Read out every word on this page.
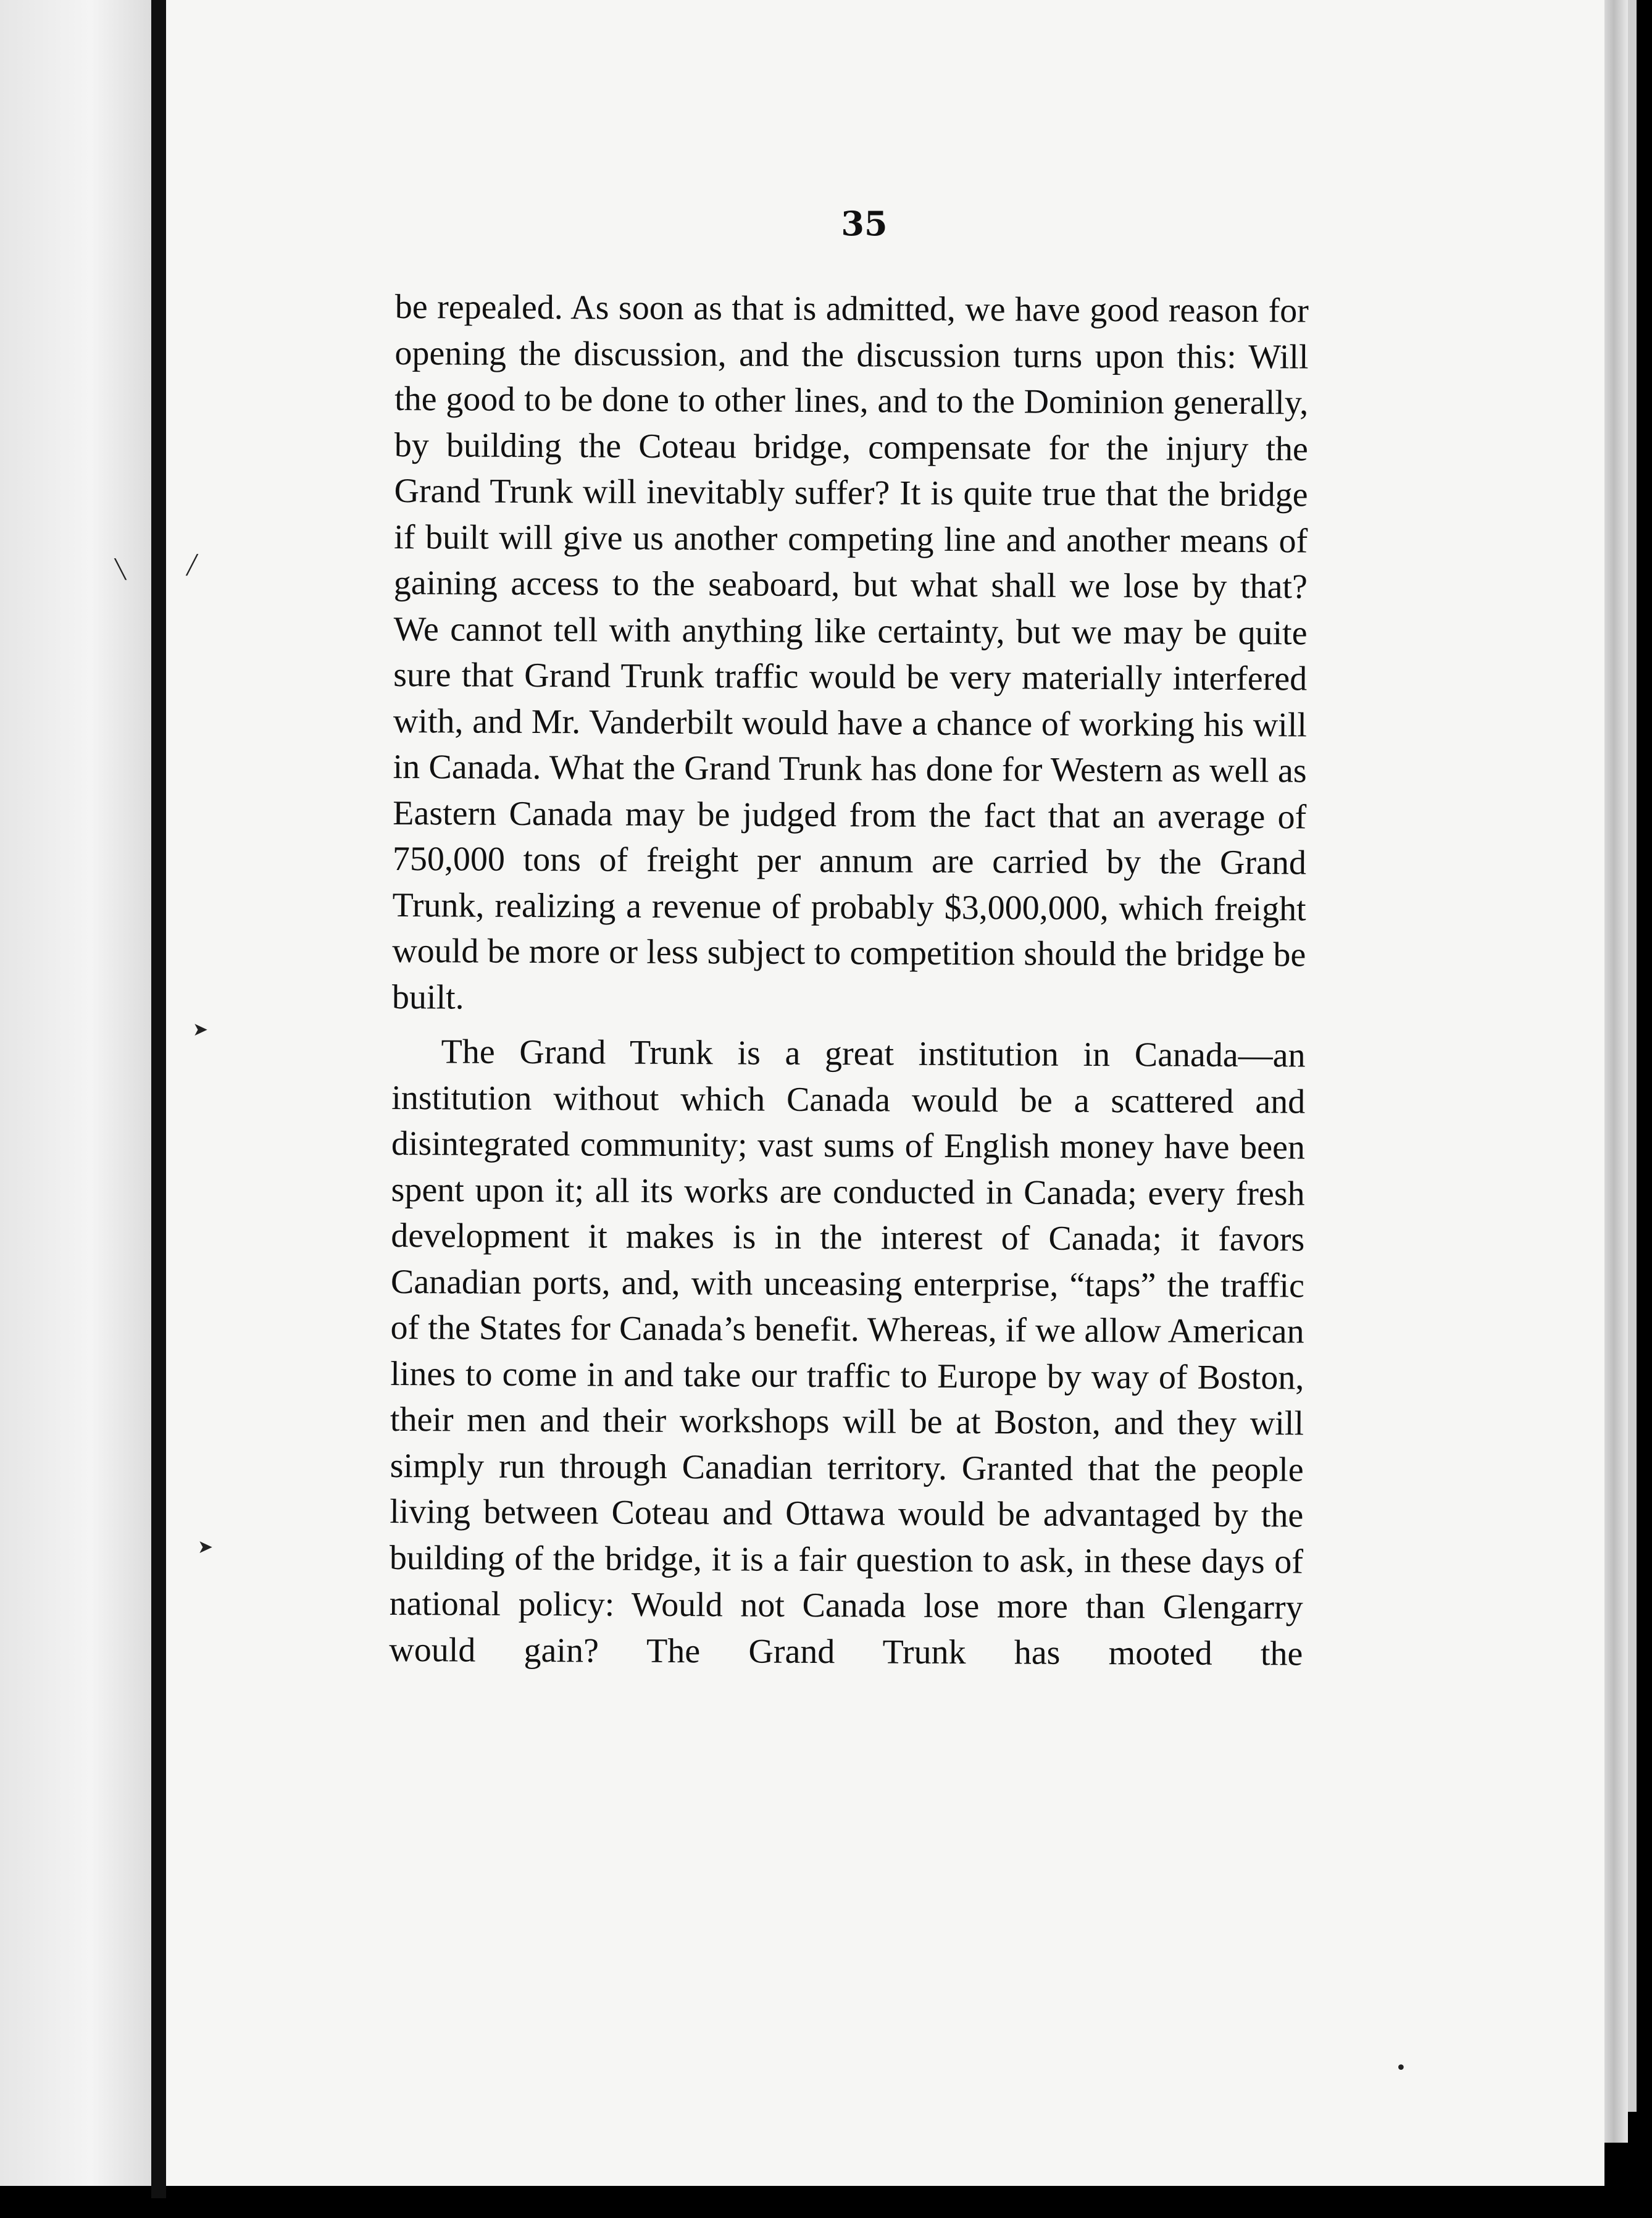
╲	╱
➤
➤
∙
35

be repealed. As soon as that is admitted, we have good reason for opening the discussion, and the discussion turns upon this: Will the good to be done to other lines, and to the Dominion generally, by building the Coteau bridge, compensate for the injury the Grand Trunk will inevitably suffer? It is quite true that the bridge if built will give us another competing line and another means of gaining access to the seaboard, but what shall we lose by that? We cannot tell with anything like certainty, but we may be quite sure that Grand Trunk traffic would be very materially interfered with, and Mr. Vanderbilt would have a chance of working his will in Canada. What the Grand Trunk has done for Western as well as Eastern Canada may be judged from the fact that an average of 750,000 tons of freight per annum are carried by the Grand Trunk, realizing a revenue of probably $3,000,000, which freight would be more or less subject to competition should the bridge be built.

The Grand Trunk is a great institution in Canada—an institution without which Canada would be a scattered and disintegrated community; vast sums of English money have been spent upon it; all its works are conducted in Canada; every fresh development it makes is in the interest of Canada; it favors Canadian ports, and, with unceasing enterprise, “taps” the traffic of the States for Canada’s benefit. Whereas, if we allow American lines to come in and take our traffic to Europe by way of Boston, their men and their workshops will be at Boston, and they will simply run through Canadian territory. Granted that the people living between Coteau and Ottawa would be advantaged by the building of the bridge, it is a fair question to ask, in these days of national policy: Would not Canada lose more than Glengarry would gain? The Grand Trunk has mooted the
